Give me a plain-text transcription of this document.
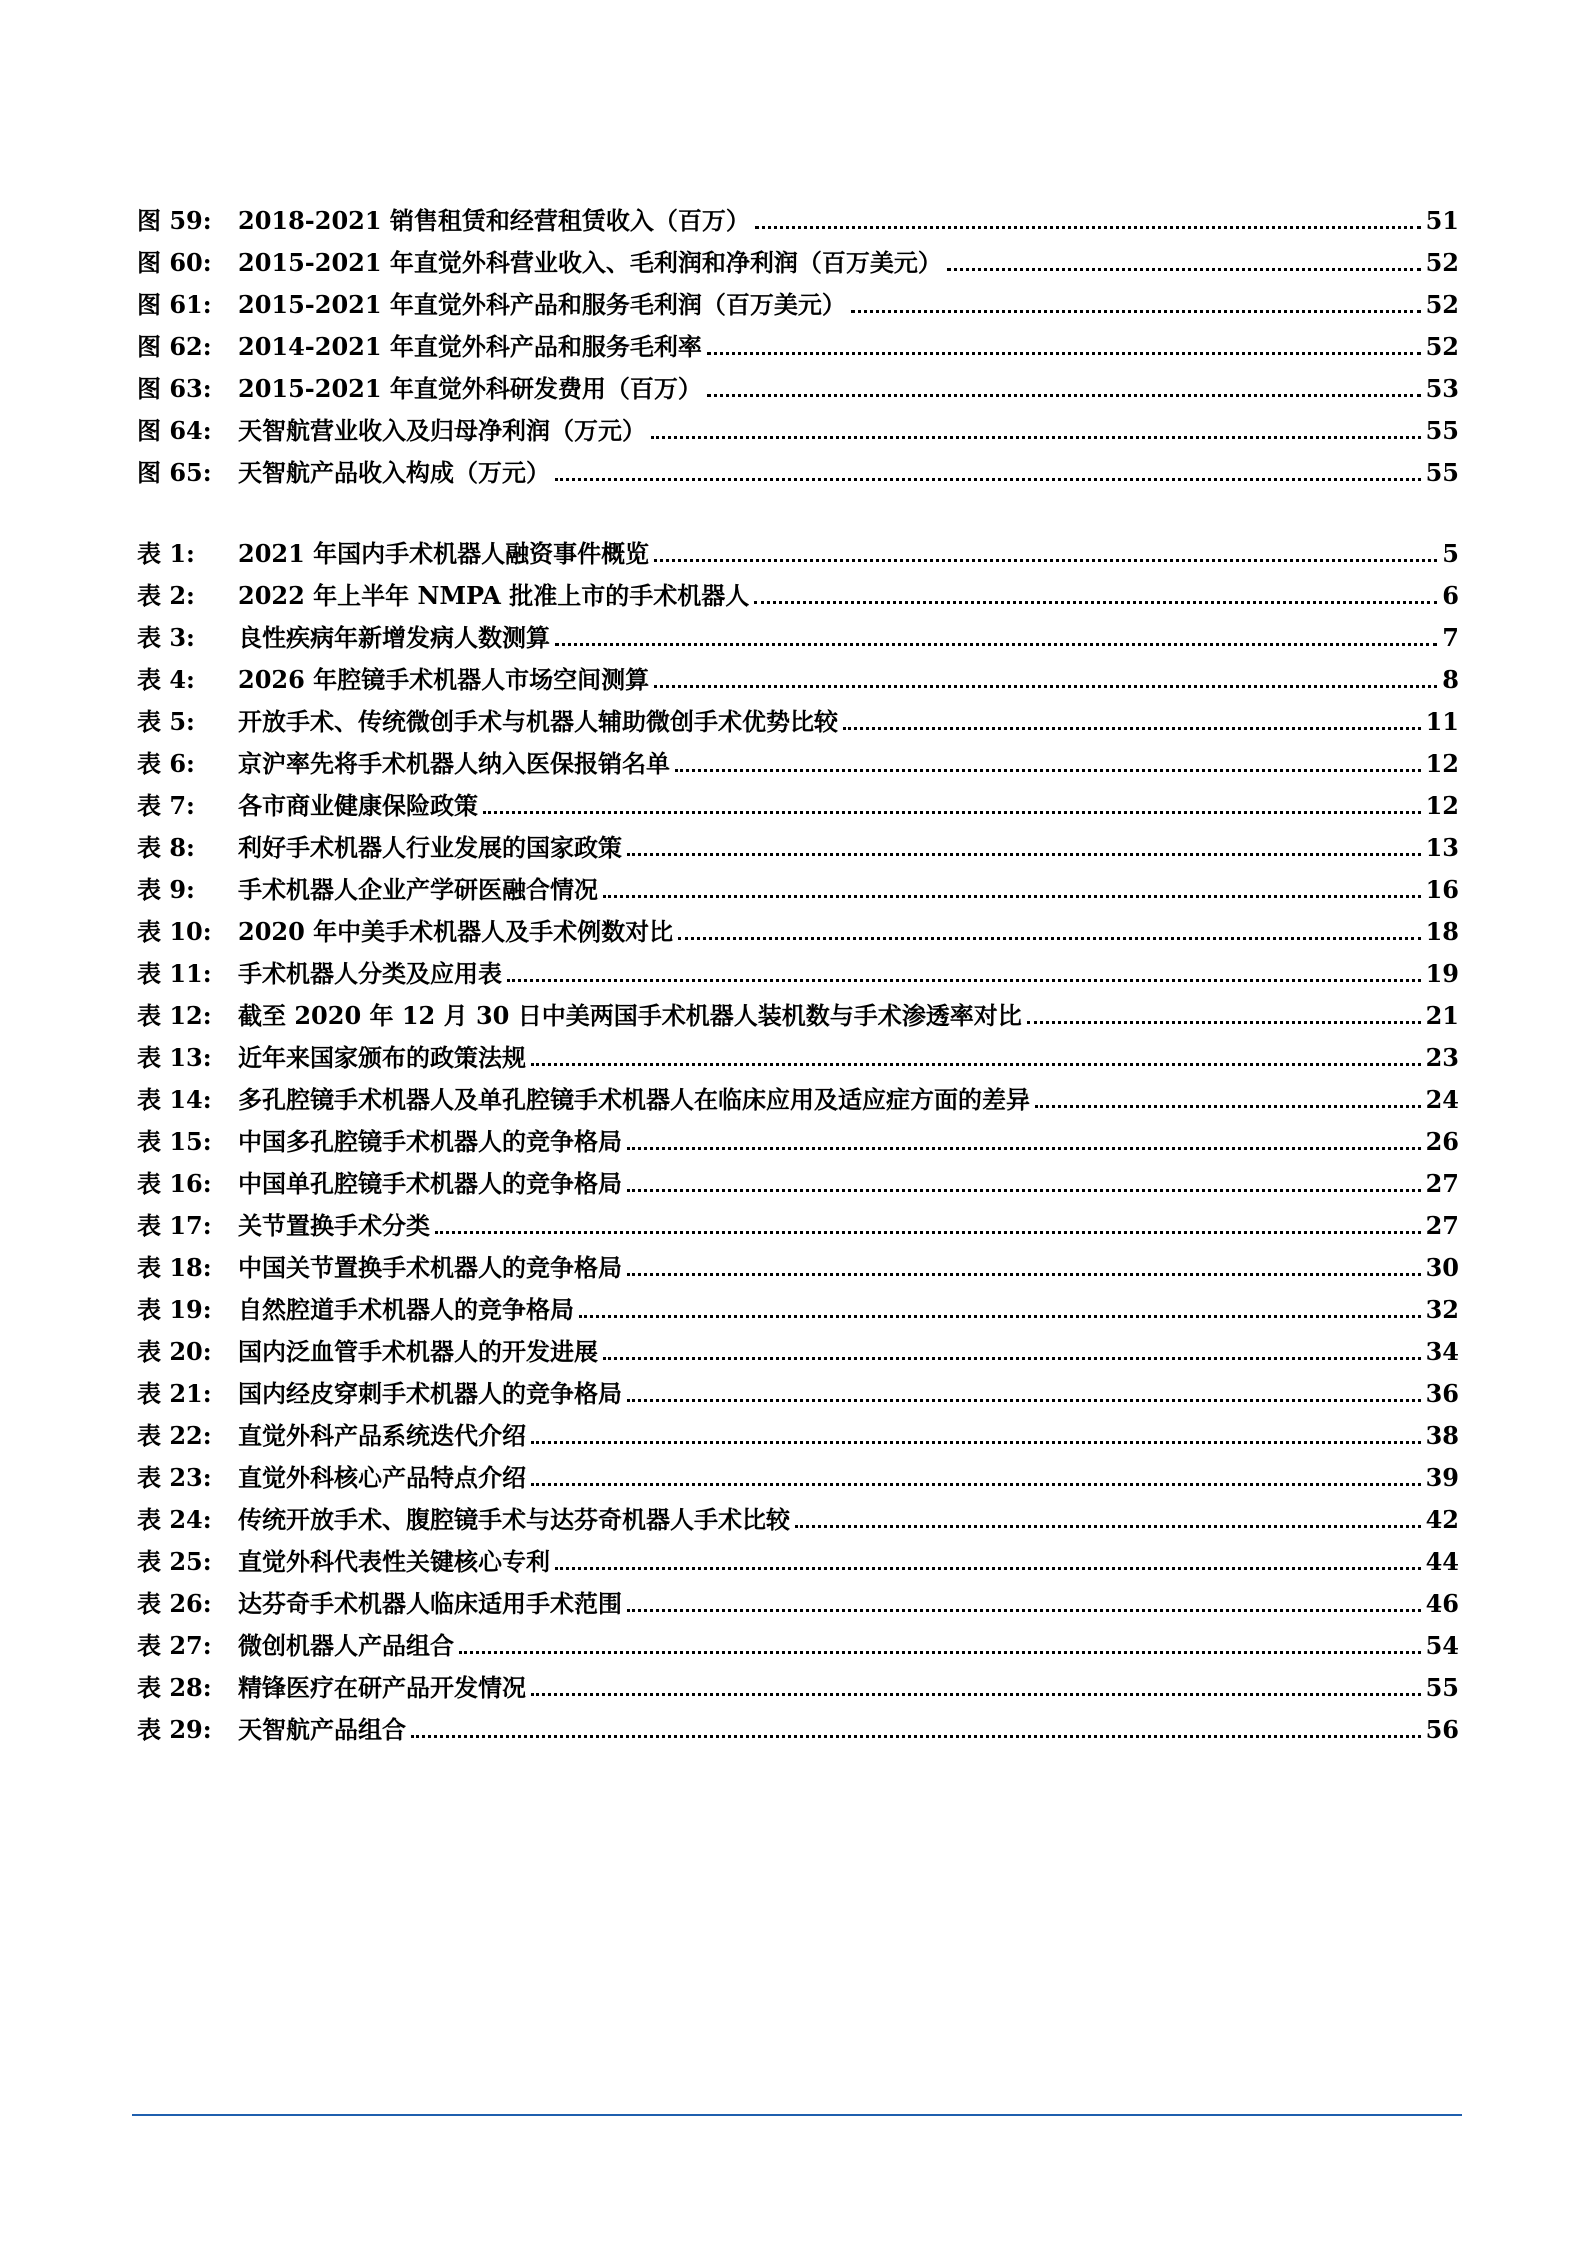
图 59:	2018-2021 销售租赁和经营租赁收入（百万）	51
图 60:	2015-2021 年直觉外科营业收入、毛利润和净利润（百万美元）	52
图 61:	2015-2021 年直觉外科产品和服务毛利润（百万美元）	52
图 62:	2014-2021 年直觉外科产品和服务毛利率	52
图 63:	2015-2021 年直觉外科研发费用（百万）	53
图 64:	天智航营业收入及归母净利润（万元）	55
图 65:	天智航产品收入构成（万元）	55
表 1:	2021 年国内手术机器人融资事件概览	5
表 2:	2022 年上半年 NMPA 批准上市的手术机器人	6
表 3:	良性疾病年新增发病人数测算	7
表 4:	2026 年腔镜手术机器人市场空间测算	8
表 5:	开放手术、传统微创手术与机器人辅助微创手术优势比较	11
表 6:	京沪率先将手术机器人纳入医保报销名单	12
表 7:	各市商业健康保险政策	12
表 8:	利好手术机器人行业发展的国家政策	13
表 9:	手术机器人企业产学研医融合情况	16
表 10:	2020 年中美手术机器人及手术例数对比	18
表 11:	手术机器人分类及应用表	19
表 12:	截至 2020 年 12 月 30 日中美两国手术机器人装机数与手术渗透率对比	21
表 13:	近年来国家颁布的政策法规	23
表 14:	多孔腔镜手术机器人及单孔腔镜手术机器人在临床应用及适应症方面的差异	24
表 15:	中国多孔腔镜手术机器人的竞争格局	26
表 16:	中国单孔腔镜手术机器人的竞争格局	27
表 17:	关节置换手术分类	27
表 18:	中国关节置换手术机器人的竞争格局	30
表 19:	自然腔道手术机器人的竞争格局	32
表 20:	国内泛血管手术机器人的开发进展	34
表 21:	国内经皮穿刺手术机器人的竞争格局	36
表 22:	直觉外科产品系统迭代介绍	38
表 23:	直觉外科核心产品特点介绍	39
表 24:	传统开放手术、腹腔镜手术与达芬奇机器人手术比较	42
表 25:	直觉外科代表性关键核心专利	44
表 26:	达芬奇手术机器人临床适用手术范围	46
表 27:	微创机器人产品组合	54
表 28:	精锋医疗在研产品开发情况	55
表 29:	天智航产品组合	56
